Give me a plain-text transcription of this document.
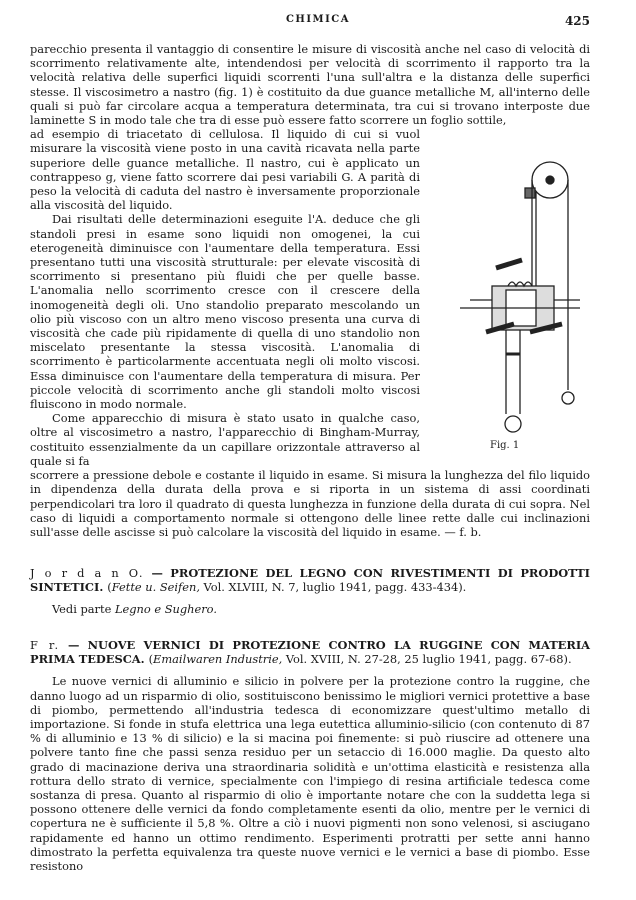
CHIMICA	425

parecchio presenta il vantaggio di consentire le misure di viscosità anche nel caso di velocità di scorrimento relativamente alte, intendendosi per velocità di scorrimento il rapporto tra la velocità relativa delle superfici liquidi scorrenti l'una sull'altra e la distanza delle superfici stesse. Il viscosimetro a nastro (fig. 1) è costituito da due guance metalliche M, all'interno delle quali si può far circolare acqua a temperatura determinata, tra cui si trovano interposte due laminette S in modo tale che tra di esse può essere fatto scorrere un foglio sottile,

ad esempio di triacetato di cellulosa. Il liquido di cui si vuol misurare la viscosità viene posto in una cavità ricavata nella parte superiore delle guance metalliche. Il nastro, cui è applicato un contrappeso g, viene fatto scorrere dai pesi variabili G. A parità di peso la velocità di caduta del nastro è inversamente proporzionale alla viscosità del liquido.

Dai risultati delle determinazioni eseguite l'A. deduce che gli standoli presi in esame sono liquidi non omogenei, la cui eterogeneità diminuisce con l'aumentare della temperatura. Essi presentano tutti una viscosità strutturale: per elevate viscosità di scorrimento si presentano più fluidi che per quelle basse. L'anomalia nello scorrimento cresce con il crescere della inomogeneità degli oli. Uno standolio preparato mescolando un olio più viscoso con un altro meno viscoso presenta una curva di viscosità che cade più ripidamente di quella di uno standolio non miscelato presentante la stessa viscosità. L'anomalia di scorrimento è particolarmente accentuata negli oli molto viscosi. Essa diminuisce con l'aumentare della temperatura di misura. Per piccole velocità di scorrimento anche gli standoli molto viscosi fluiscono in modo normale.

Come apparecchio di misura è stato usato in qualche caso, oltre al viscosimetro a nastro, l'apparecchio di Bingham-Murray, costituito essenzialmente da un capillare orizzontale attraverso al quale si fa

scorrere a pressione debole e costante il liquido in esame. Si misura la lunghezza del filo liquido in dipendenza della durata della prova e si riporta in un sistema di assi coordinati perpendicolari tra loro il quadrato di questa lunghezza in funzione della durata di cui sopra. Nel caso di liquidi a comportamento normale si ottengono delle linee rette dalle cui inclinazioni sull'asse delle ascisse si può calcolare la viscosità del liquido in esame. — f. b.

Fig. 1

J o r d a n O. — PROTEZIONE DEL LEGNO CON RIVESTIMENTI DI PRODOTTI SINTETICI. (Fette u. Seifen, Vol. XLVIII, N. 7, luglio 1941, pagg. 433-434).

Vedi parte Legno e Sughero.

F r. — NUOVE VERNICI DI PROTEZIONE CONTRO LA RUGGINE CON MATERIA PRIMA TEDESCA. (Emailwaren Industrie, Vol. XVIII, N. 27-28, 25 luglio 1941, pagg. 67-68).

Le nuove vernici di alluminio e silicio in polvere per la protezione contro la ruggine, che danno luogo ad un risparmio di olio, sostituiscono benissimo le migliori vernici protettive a base di piombo, permettendo all'industria tedesca di economizzare quest'ultimo metallo di importazione. Si fonde in stufa elettrica una lega eutettica alluminio-silicio (con contenuto di 87 % di alluminio e 13 % di silicio) e la si macina poi finemente: si può riuscire ad ottenere una polvere tanto fine che passi senza residuo per un setaccio di 16.000 maglie. Da questo alto grado di macinazione deriva una straordinaria solidità e un'ottima elasticità e resistenza alla rottura dello strato di vernice, specialmente con l'impiego di resina artificiale tedesca come sostanza di presa. Quanto al risparmio di olio è importante notare che con la suddetta lega si possono ottenere delle vernici da fondo completamente esenti da olio, mentre per le vernici di copertura ne è sufficiente il 5,8 %. Oltre a ciò i nuovi pigmenti non sono velenosi, si asciugano rapidamente ed hanno un ottimo rendimento. Esperimenti protratti per sette anni hanno dimostrato la perfetta equivalenza tra queste nuove vernici e le vernici a base di piombo. Esse resistono
